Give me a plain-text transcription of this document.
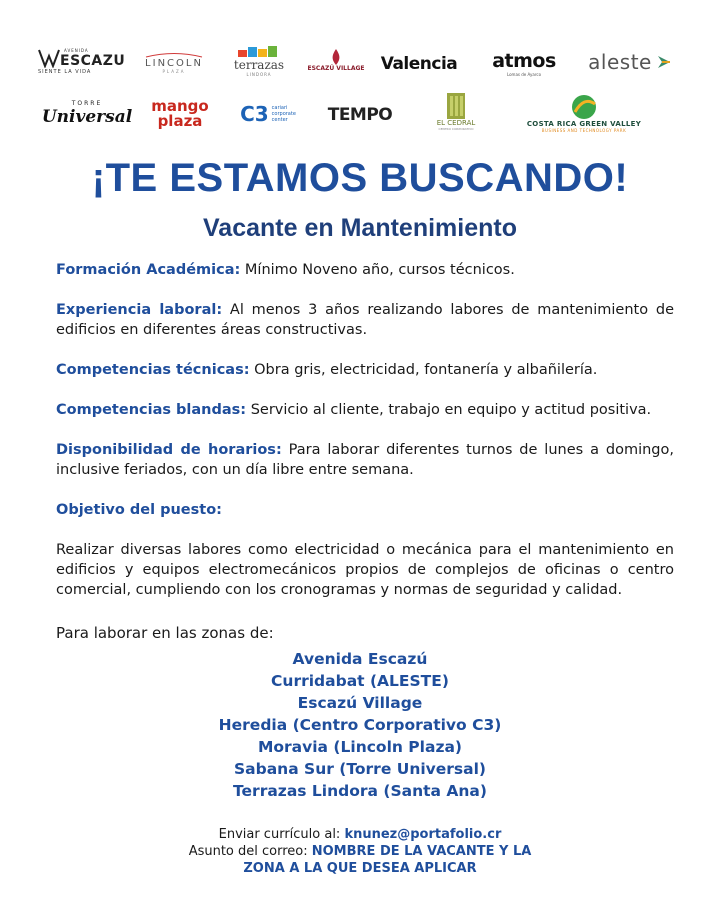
AVENIDA
ESCAZU
SIENTE LA VIDA
LINCOLN
PLAZA	terrazas
LINDORA
ESCAZÚ VILLAGE Valencia atmos
Lomas de Ayarco aleste
TORRE
Universal
mango
plaza C3 cariari
corporate
center	TEMPO	EL CEDRAL
CENTRO CORPORATIVO
COSTA RICA GREEN VALLEY
BUSINESS AND TECHNOLOGY PARK
¡TE ESTAMOS BUSCANDO!
Vacante en Mantenimiento
Formación Académica: Mínimo Noveno año, cursos técnicos.
Experiencia laboral: Al menos 3 años realizando labores de mantenimiento de edificios en diferentes áreas constructivas.
Competencias técnicas: Obra gris, electricidad, fontanería y albañilería.
Competencias blandas: Servicio al cliente, trabajo en equipo y actitud positiva.
Disponibilidad de horarios: Para laborar diferentes turnos de lunes a domingo, inclusive feriados, con un día libre entre semana.
Objetivo del puesto:
Realizar diversas labores como electricidad o mecánica para el mantenimiento en edificios y equipos electromecánicos propios de complejos de oficinas o centro comercial, cumpliendo con los cronogramas y normas de seguridad y calidad.
Para laborar en las zonas de:
Avenida Escazú
Curridabat (ALESTE)
Escazú Village
Heredia (Centro Corporativo C3)
Moravia (Lincoln Plaza)
Sabana Sur (Torre Universal)
Terrazas Lindora (Santa Ana)
Enviar currículo al: knunez@portafolio.cr
Asunto del correo: NOMBRE DE LA VACANTE Y LA
ZONA A LA QUE DESEA APLICAR
